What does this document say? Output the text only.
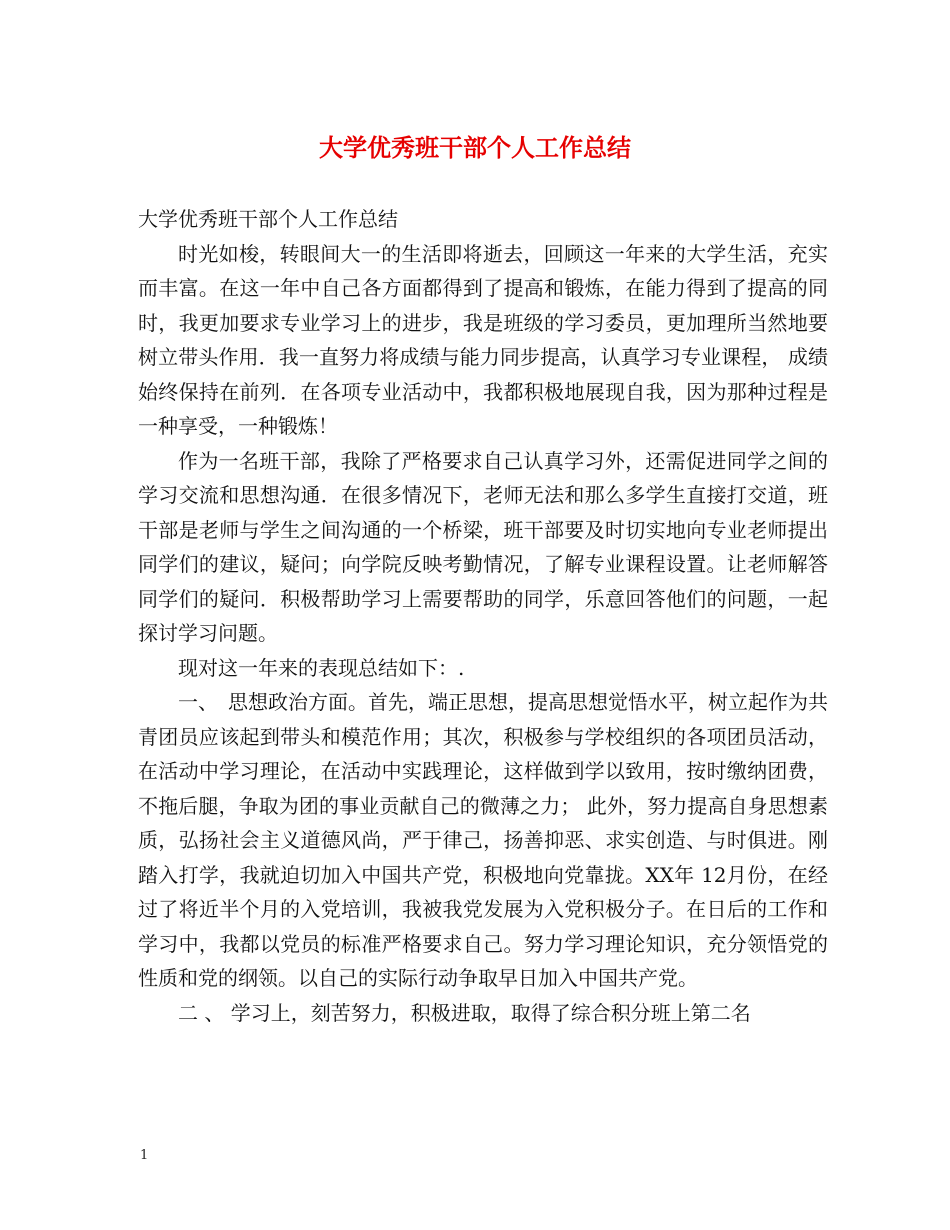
大学优秀班干部个人工作总结

大学优秀班干部个人工作总结

时光如梭，转眼间大一的生活即将逝去，回顾这一年来的大学生活，充实而丰富。在这一年中自己各方面都得到了提高和锻炼，在能力得到了提高的同时，我更加要求专业学习上的进步，我是班级的学习委员，更加理所当然地要树立带头作用．我一直努力将成绩与能力同步提高，认真学习专业课程， 成绩始终保持在前列．在各项专业活动中，我都积极地展现自我，因为那种过程是一种享受，一种锻炼！

作为一名班干部，我除了严格要求自己认真学习外，还需促进同学之间的学习交流和思想沟通．在很多情况下，老师无法和那么多学生直接打交道，班干部是老师与学生之间沟通的一个桥梁，班干部要及时切实地向专业老师提出同学们的建议，疑问；向学院反映考勤情况，了解专业课程设置。让老师解答同学们的疑问．积极帮助学习上需要帮助的同学，乐意回答他们的问题，一起探讨学习问题。

现对这一年来的表现总结如下：.

一、　思想政治方面。首先，端正思想，提高思想觉悟水平，树立起作为共青团员应该起到带头和模范作用；其次，积极参与学校组织的各项团员活动，在活动中学习理论，在活动中实践理论，这样做到学以致用，按时缴纳团费，不拖后腿，争取为团的事业贡献自己的微薄之力； 此外，努力提高自身思想素质，弘扬社会主义道德风尚，严于律己，扬善抑恶、求实创造、与时俱进。刚踏入打学，我就迫切加入中国共产党，积极地向党靠拢。XX年 12月份，在经过了将近半个月的入党培训，我被我党发展为入党积极分子。在日后的工作和学习中，我都以党员的标准严格要求自己。努力学习理论知识，充分领悟党的性质和党的纲领。以自己的实际行动争取早日加入中国共产党。

二 、 学习上，刻苦努力，积极进取，取得了综合积分班上第二名

1
